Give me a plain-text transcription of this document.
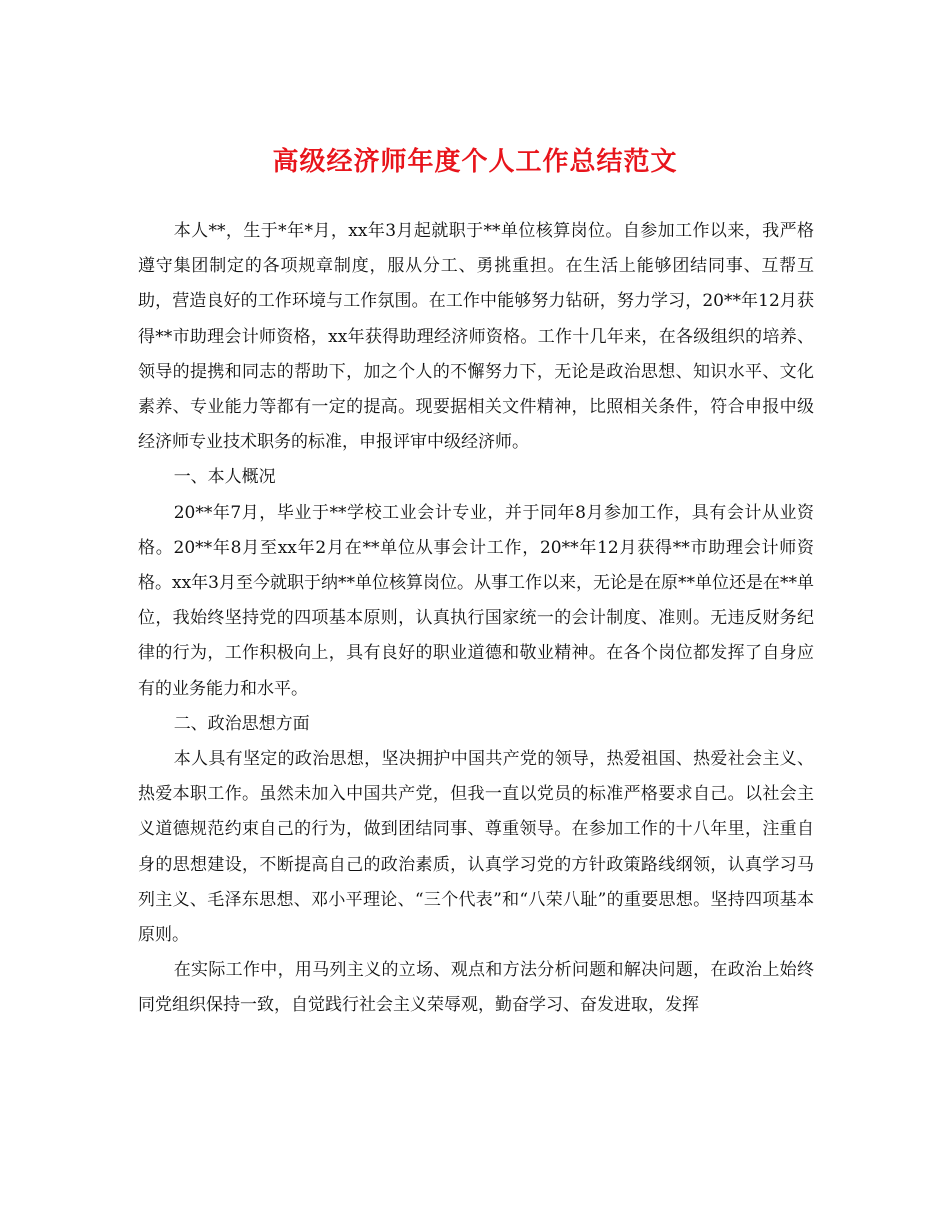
高级经济师年度个人工作总结范文

本人**，生于*年*月，xx年3月起就职于**单位核算岗位。自参加工作以来，我严格遵守集团制定的各项规章制度，服从分工、勇挑重担。在生活上能够团结同事、互帮互助，营造良好的工作环境与工作氛围。在工作中能够努力钻研，努力学习，20**年12月获得**市助理会计师资格，xx年获得助理经济师资格。工作十几年来，在各级组织的培养、领导的提携和同志的帮助下，加之个人的不懈努力下，无论是政治思想、知识水平、文化素养、专业能力等都有一定的提高。现要据相关文件精神，比照相关条件，符合申报中级经济师专业技术职务的标准，申报评审中级经济师。

一、本人概况

20**年7月，毕业于**学校工业会计专业，并于同年8月参加工作，具有会计从业资格。20**年8月至xx年2月在**单位从事会计工作，20**年12月获得**市助理会计师资格。xx年3月至今就职于纳**单位核算岗位。从事工作以来，无论是在原**单位还是在**单位，我始终坚持党的四项基本原则，认真执行国家统一的会计制度、准则。无违反财务纪律的行为，工作积极向上，具有良好的职业道德和敬业精神。在各个岗位都发挥了自身应有的业务能力和水平。

二、政治思想方面

本人具有坚定的政治思想，坚决拥护中国共产党的领导，热爱祖国、热爱社会主义、热爱本职工作。虽然未加入中国共产党，但我一直以党员的标准严格要求自己。以社会主义道德规范约束自己的行为，做到团结同事、尊重领导。在参加工作的十八年里，注重自身的思想建设，不断提高自己的政治素质，认真学习党的方针政策路线纲领，认真学习马列主义、毛泽东思想、邓小平理论、“三个代表”和“八荣八耻”的重要思想。坚持四项基本原则。

在实际工作中，用马列主义的立场、观点和方法分析问题和解决问题，在政治上始终同党组织保持一致，自觉践行社会主义荣辱观，勤奋学习、奋发进取，发挥
